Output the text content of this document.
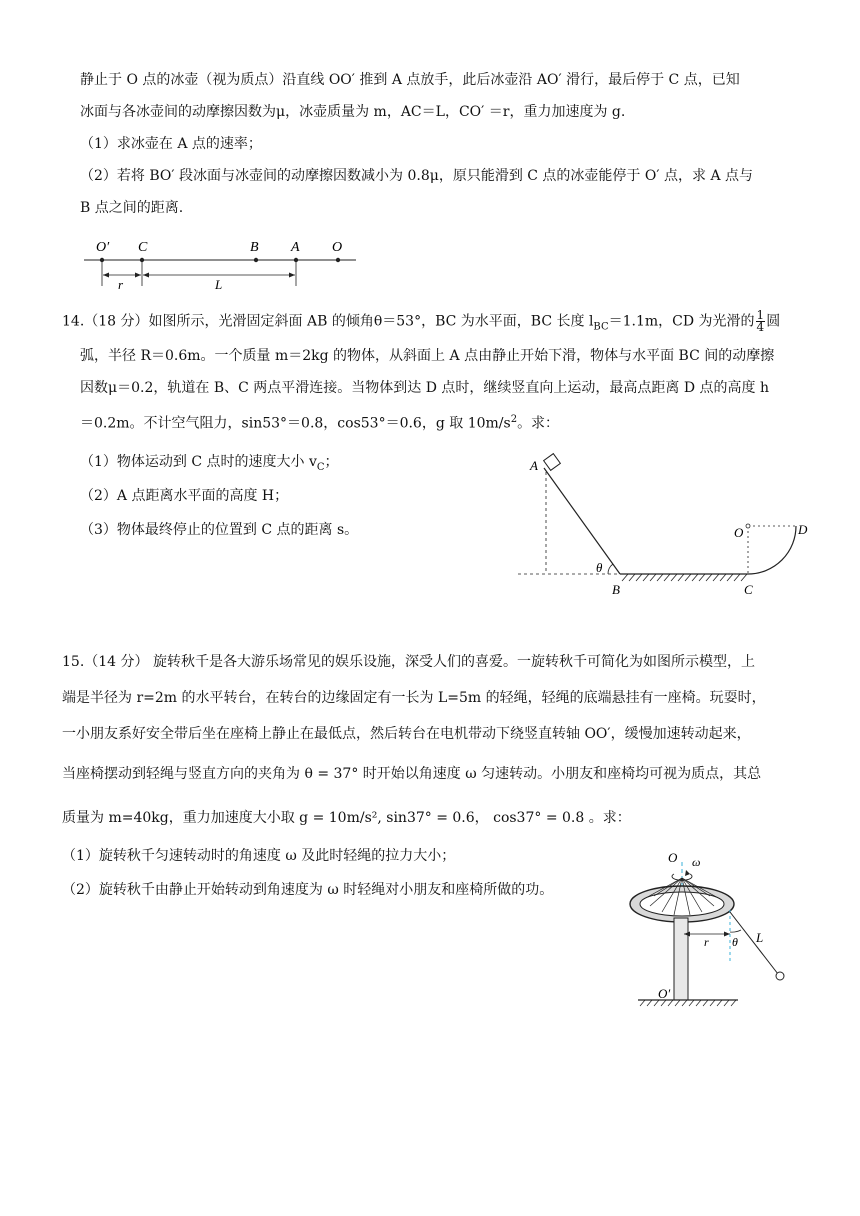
静止于 O 点的冰壶（视为质点）沿直线 OO′ 推到 A 点放手，此后冰壶沿 AO′ 滑行，最后停于 C 点，已知
冰面与各冰壶间的动摩擦因数为μ，冰壶质量为 m，AC＝L，CO′ ＝r，重力加速度为 g.
（1）求冰壶在 A 点的速率；
（2）若将 BO′ 段冰面与冰壶间的动摩擦因数减小为 0.8μ，原只能滑到 C 点的冰壶能停于 O′ 点，求 A 点与
B 点之间的距离.
O′ C	B A O
r	L
14.（18 分）如图所示，光滑固定斜面 AB 的倾角θ＝53°，BC 为水平面，BC 长度 $l_{BC}=1.1m$，CD 为光滑的 $\frac{1}{4}$ 圆
弧，半径 R＝0.6m。一个质量 m＝2kg 的物体，从斜面上 A 点由静止开始下滑，物体与水平面 BC 间的动摩擦
因数μ＝0.2，轨道在 B、C 两点平滑连接。当物体到达 D 点时，继续竖直向上运动，最高点距离 D 点的高度 h
＝0.2m。不计空气阻力，sin53°＝0.8，cos53°＝0.6，g 取 $10m/s^2$。求：
（1）物体运动到 C 点时的速度大小 $v_C$；
（2）A 点距离水平面的高度 H；
（3）物体最终停止的位置到 C 点的距离 s。
θ
A
B	C
O	D
15.（14 分） 旋转秋千是各大游乐场常见的娱乐设施，深受人们的喜爱。一旋转秋千可简化为如图所示模型，上
端是半径为 r=2m 的水平转台，在转台的边缘固定有一长为 L=5m 的轻绳，轻绳的底端悬挂有一座椅。玩耍时，
一小朋友系好安全带后坐在座椅上静止在最低点，然后转台在电机带动下绕竖直转轴 OO′，缓慢加速转动起来，
当座椅摆动到轻绳与竖直方向的夹角为 θ = 37° 时开始以角速度 ω 匀速转动。小朋友和座椅均可视为质点，其总
质量为 m=40kg，重力加速度大小取 g = 10m/s², sin37° = 0.6， cos37° = 0.8 。求：
（1）旋转秋千匀速转动时的角速度 ω 及此时轻绳的拉力大小；
（2）旋转秋千由静止开始转动到角速度为 ω 时轻绳对小朋友和座椅所做的功。
O ω
O′
r θ L
